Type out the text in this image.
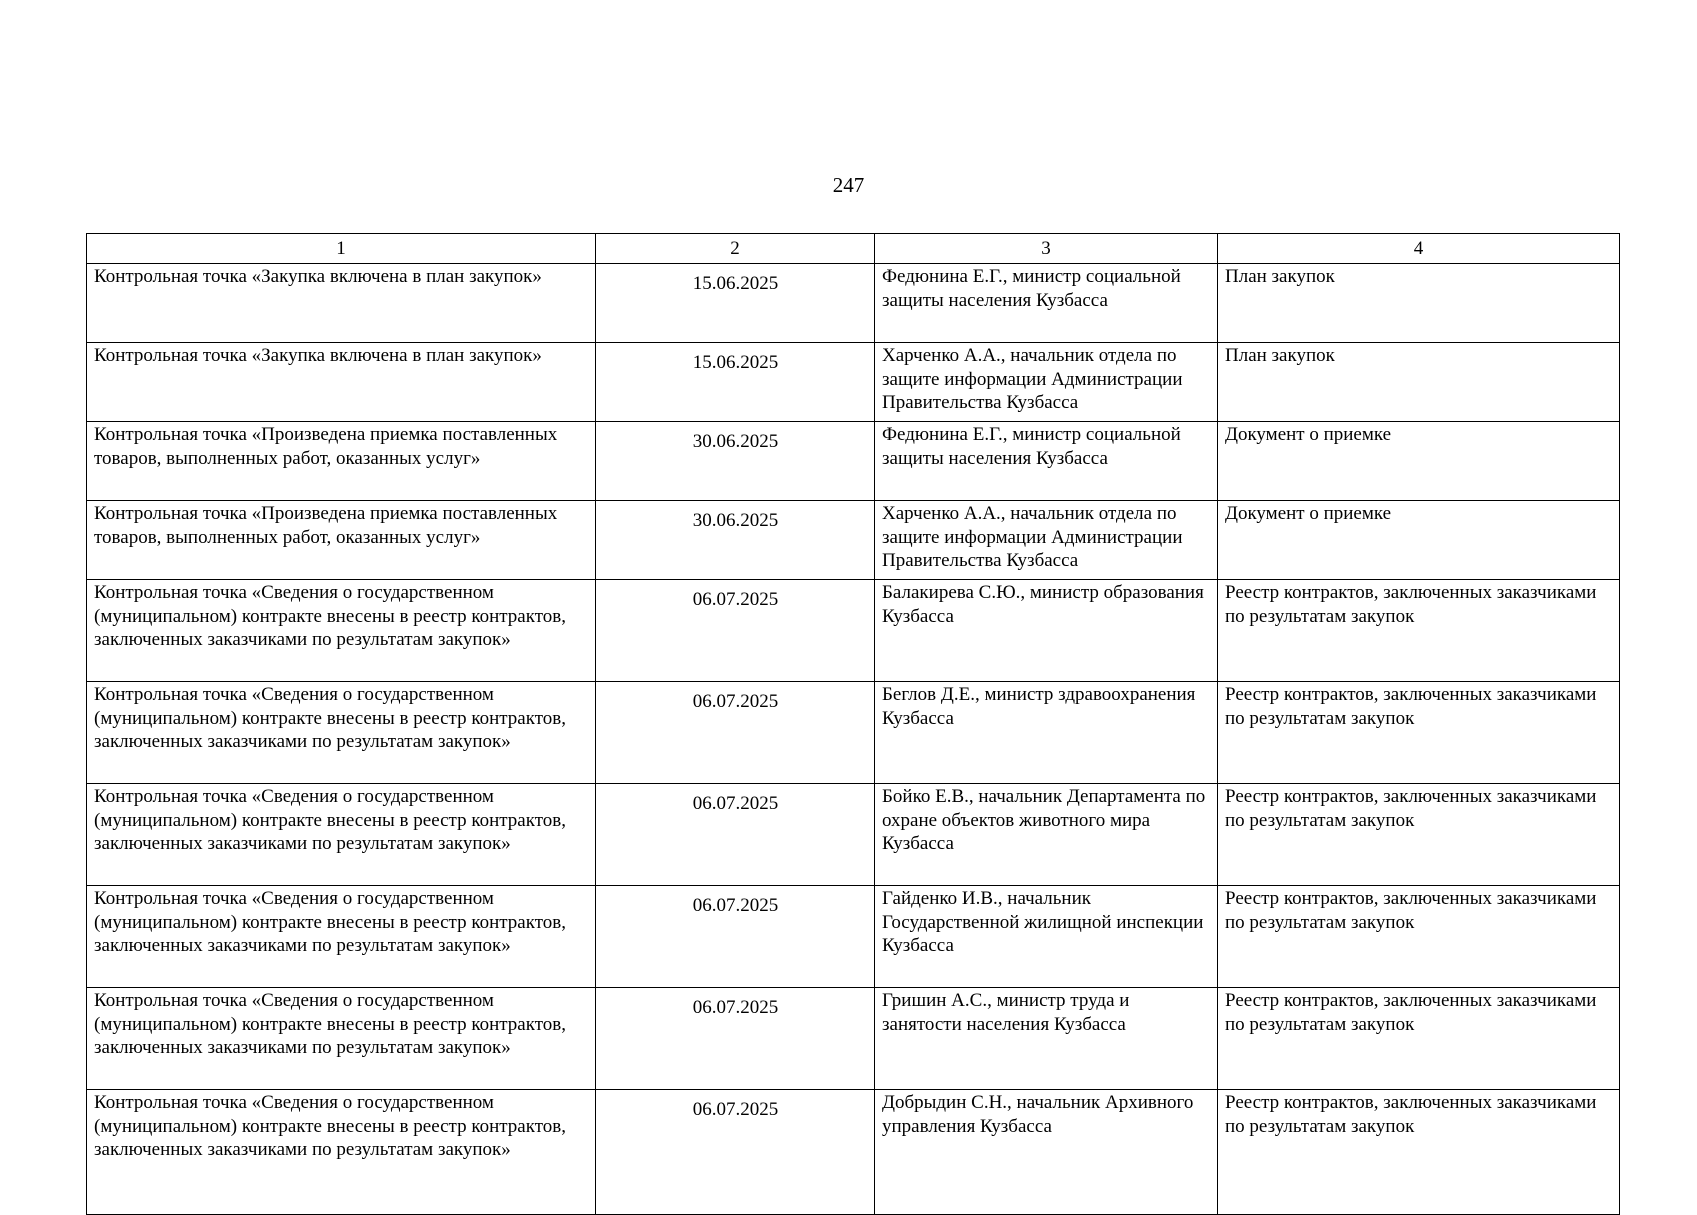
247
1	2	3	4
Контрольная точка «Закупка включена в план закупок»	15.06.2025	Федюнина Е.Г., министр социальной защиты населения Кузбасса	План закупок
Контрольная точка «Закупка включена в план закупок»	15.06.2025	Харченко А.А., начальник отдела по защите информации Администрации Правительства Кузбасса	План закупок
Контрольная точка «Произведена приемка поставленных товаров, выполненных работ, оказанных услуг»	30.06.2025	Федюнина Е.Г., министр социальной защиты населения Кузбасса	Документ о приемке
Контрольная точка «Произведена приемка поставленных товаров, выполненных работ, оказанных услуг»	30.06.2025	Харченко А.А., начальник отдела по защите информации Администрации Правительства Кузбасса	Документ о приемке
Контрольная точка «Сведения о государственном (муниципальном) контракте внесены в реестр контрактов, заключенных заказчиками по результатам закупок»	06.07.2025	Балакирева С.Ю., министр образования Кузбасса	Реестр контрактов, заключенных заказчиками по результатам закупок
Контрольная точка «Сведения о государственном (муниципальном) контракте внесены в реестр контрактов, заключенных заказчиками по результатам закупок»	06.07.2025	Беглов Д.Е., министр здравоохранения Кузбасса	Реестр контрактов, заключенных заказчиками по результатам закупок
Контрольная точка «Сведения о государственном (муниципальном) контракте внесены в реестр контрактов, заключенных заказчиками по результатам закупок»	06.07.2025	Бойко Е.В., начальник Департамента по охране объектов животного мира Кузбасса	Реестр контрактов, заключенных заказчиками по результатам закупок
Контрольная точка «Сведения о государственном (муниципальном) контракте внесены в реестр контрактов, заключенных заказчиками по результатам закупок»	06.07.2025	Гайденко И.В., начальник Государственной жилищной инспекции Кузбасса	Реестр контрактов, заключенных заказчиками по результатам закупок
Контрольная точка «Сведения о государственном (муниципальном) контракте внесены в реестр контрактов, заключенных заказчиками по результатам закупок»	06.07.2025	Гришин А.С., министр труда и занятости населения Кузбасса	Реестр контрактов, заключенных заказчиками по результатам закупок
Контрольная точка «Сведения о государственном (муниципальном) контракте внесены в реестр контрактов, заключенных заказчиками по результатам закупок»	06.07.2025	Добрыдин С.Н., начальник Архивного управления Кузбасса	Реестр контрактов, заключенных заказчиками по результатам закупок
